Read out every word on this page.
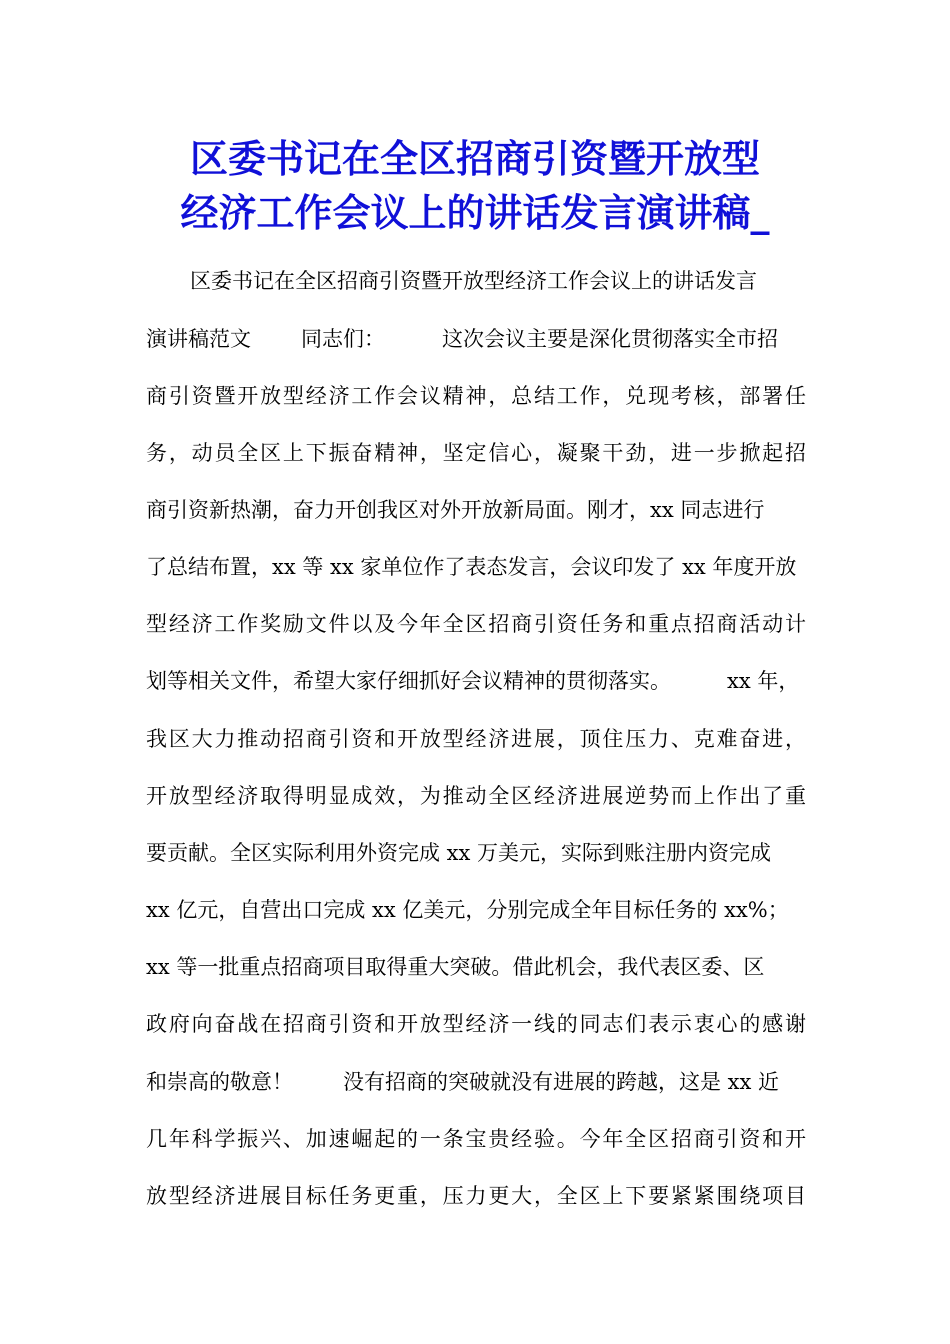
区委书记在全区招商引资暨开放型
经济工作会议上的讲话发言演讲稿_
区委书记在全区招商引资暨开放型经济工作会议上的讲话发言
演讲稿范文 同志们：	这次会议主要是深化贯彻落实全市招
商引资暨开放型经济工作会议精神，总结工作，兑现考核，部署任
务，动员全区上下振奋精神，坚定信心，凝聚干劲，进一步掀起招
商引资新热潮，奋力开创我区对外开放新局面。刚才，xx 同志进行
了总结布置，xx 等 xx 家单位作了表态发言，会议印发了 xx 年度开放
型经济工作奖励文件以及今年全区招商引资任务和重点招商活动计
划等相关文件，希望大家仔细抓好会议精神的贯彻落实。	xx 年，
我区大力推动招商引资和开放型经济进展，顶住压力、克难奋进，
开放型经济取得明显成效，为推动全区经济进展逆势而上作出了重
要贡献。全区实际利用外资完成 xx 万美元，实际到账注册内资完成
xx 亿元，自营出口完成 xx 亿美元，分别完成全年目标任务的 xx%；
xx 等一批重点招商项目取得重大突破。借此机会，我代表区委、区
政府向奋战在招商引资和开放型经济一线的同志们表示衷心的感谢
和崇高的敬意！ 没有招商的突破就没有进展的跨越，这是 xx 近
几年科学振兴、加速崛起的一条宝贵经验。今年全区招商引资和开
放型经济进展目标任务更重，压力更大，全区上下要紧紧围绕项目
